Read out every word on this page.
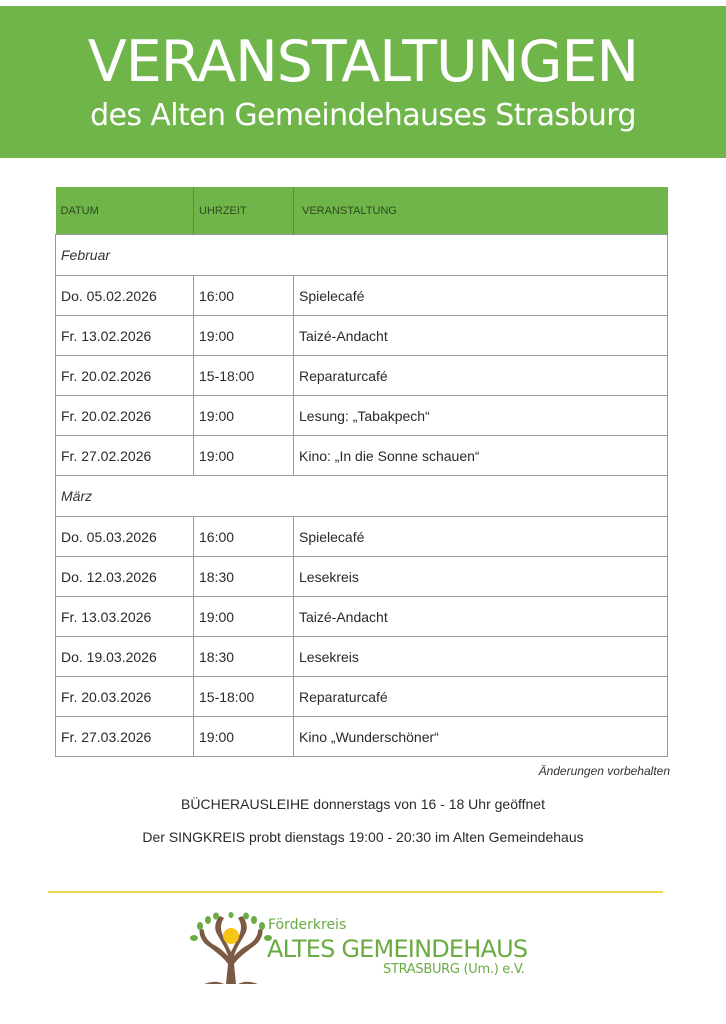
VERANSTALTUNGEN
des Alten Gemeindehauses Strasburg
DATUM	UHRZEIT	VERANSTALTUNG
Februar		
Do. 05.02.2026	16:00	Spielecafé
Fr. 13.02.2026	19:00	Taizé-Andacht
Fr. 20.02.2026	15-18:00	Reparaturcafé
Fr. 20.02.2026	19:00	Lesung: „Tabakpech“
Fr. 27.02.2026	19:00	Kino: „In die Sonne schauen“
März		
Do. 05.03.2026	16:00	Spielecafé
Do. 12.03.2026	18:30	Lesekreis
Fr. 13.03.2026	19:00	Taizé-Andacht
Do. 19.03.2026	18:30	Lesekreis
Fr. 20.03.2026	15-18:00	Reparaturcafé
Fr. 27.03.2026	19:00	Kino „Wunderschöner“
Änderungen vorbehalten
BÜCHERAUSLEIHE donnerstags von 16 - 18 Uhr geöffnet
Der SINGKREIS probt dienstags 19:00 - 20:30 im Alten Gemeindehaus
Förderkreis
ALTES GEMEINDEHAUS
STRASBURG (Um.) e.V.
